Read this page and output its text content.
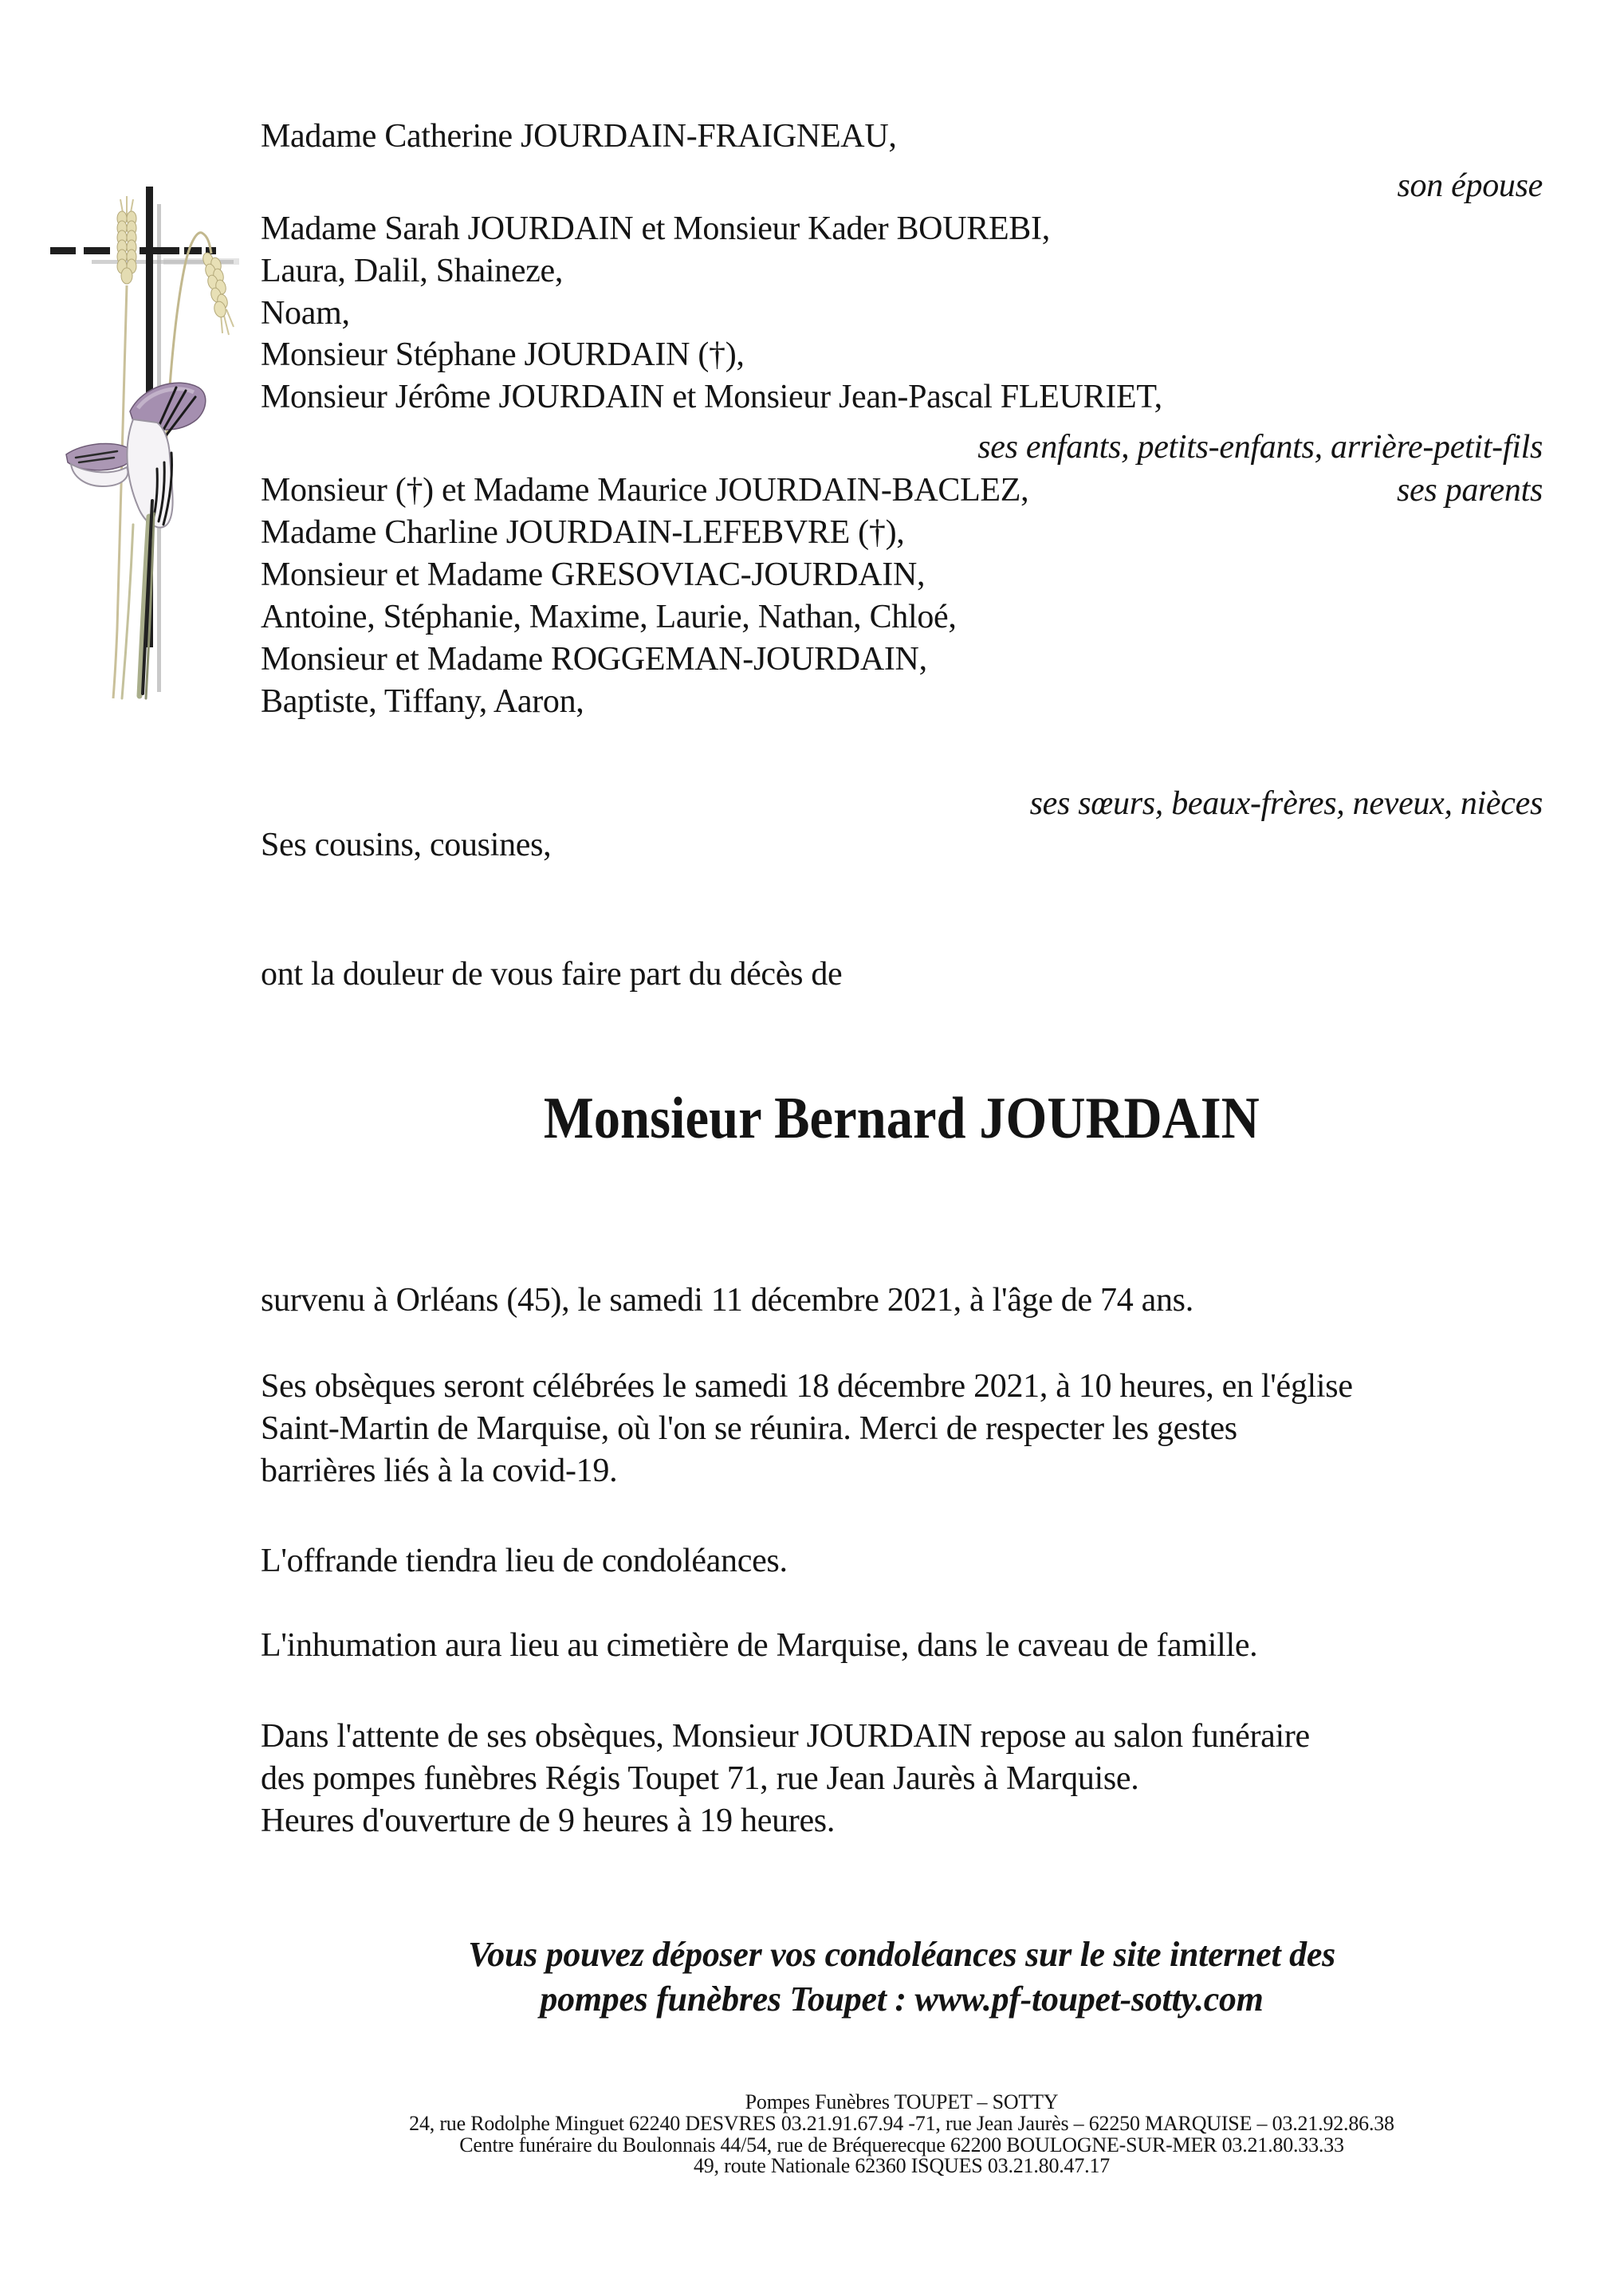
Madame Catherine JOURDAIN-FRAIGNEAU,
son épouse
Madame Sarah JOURDAIN et Monsieur Kader BOUREBI,
Laura, Dalil, Shaineze,
Noam,
Monsieur Stéphane JOURDAIN (†),
Monsieur Jérôme JOURDAIN et Monsieur Jean-Pascal FLEURIET,
ses enfants, petits-enfants, arrière-petit-fils
Monsieur (†) et Madame Maurice JOURDAIN-BACLEZ,	ses parents
Madame Charline JOURDAIN-LEFEBVRE (†),
Monsieur et Madame GRESOVIAC-JOURDAIN,
Antoine, Stéphanie, Maxime, Laurie, Nathan, Chloé,
Monsieur et Madame ROGGEMAN-JOURDAIN,
Baptiste, Tiffany, Aaron,
ses sœurs, beaux-frères, neveux, nièces
Ses cousins, cousines,
ont la douleur de vous faire part du décès de
Monsieur Bernard JOURDAIN
survenu à Orléans (45), le samedi 11 décembre 2021, à l'âge de 74 ans.
Ses obsèques seront célébrées le samedi 18 décembre 2021, à 10 heures, en l'église
Saint-Martin de Marquise, où l'on se réunira. Merci de respecter les gestes
barrières liés à la covid-19.
L'offrande tiendra lieu de condoléances.
L'inhumation aura lieu au cimetière de Marquise, dans le caveau de famille.
Dans l'attente de ses obsèques, Monsieur JOURDAIN repose au salon funéraire
des pompes funèbres Régis Toupet 71, rue Jean Jaurès à Marquise.
Heures d'ouverture de 9 heures à 19 heures.
Vous pouvez déposer vos condoléances sur le site internet des
pompes funèbres Toupet : www.pf-toupet-sotty.com
Pompes Funèbres TOUPET – SOTTY
24, rue Rodolphe Minguet 62240 DESVRES 03.21.91.67.94 -71, rue Jean Jaurès – 62250 MARQUISE – 03.21.92.86.38
Centre funéraire du Boulonnais 44/54, rue de Bréquerecque 62200 BOULOGNE-SUR-MER 03.21.80.33.33
49, route Nationale 62360 ISQUES 03.21.80.47.17
